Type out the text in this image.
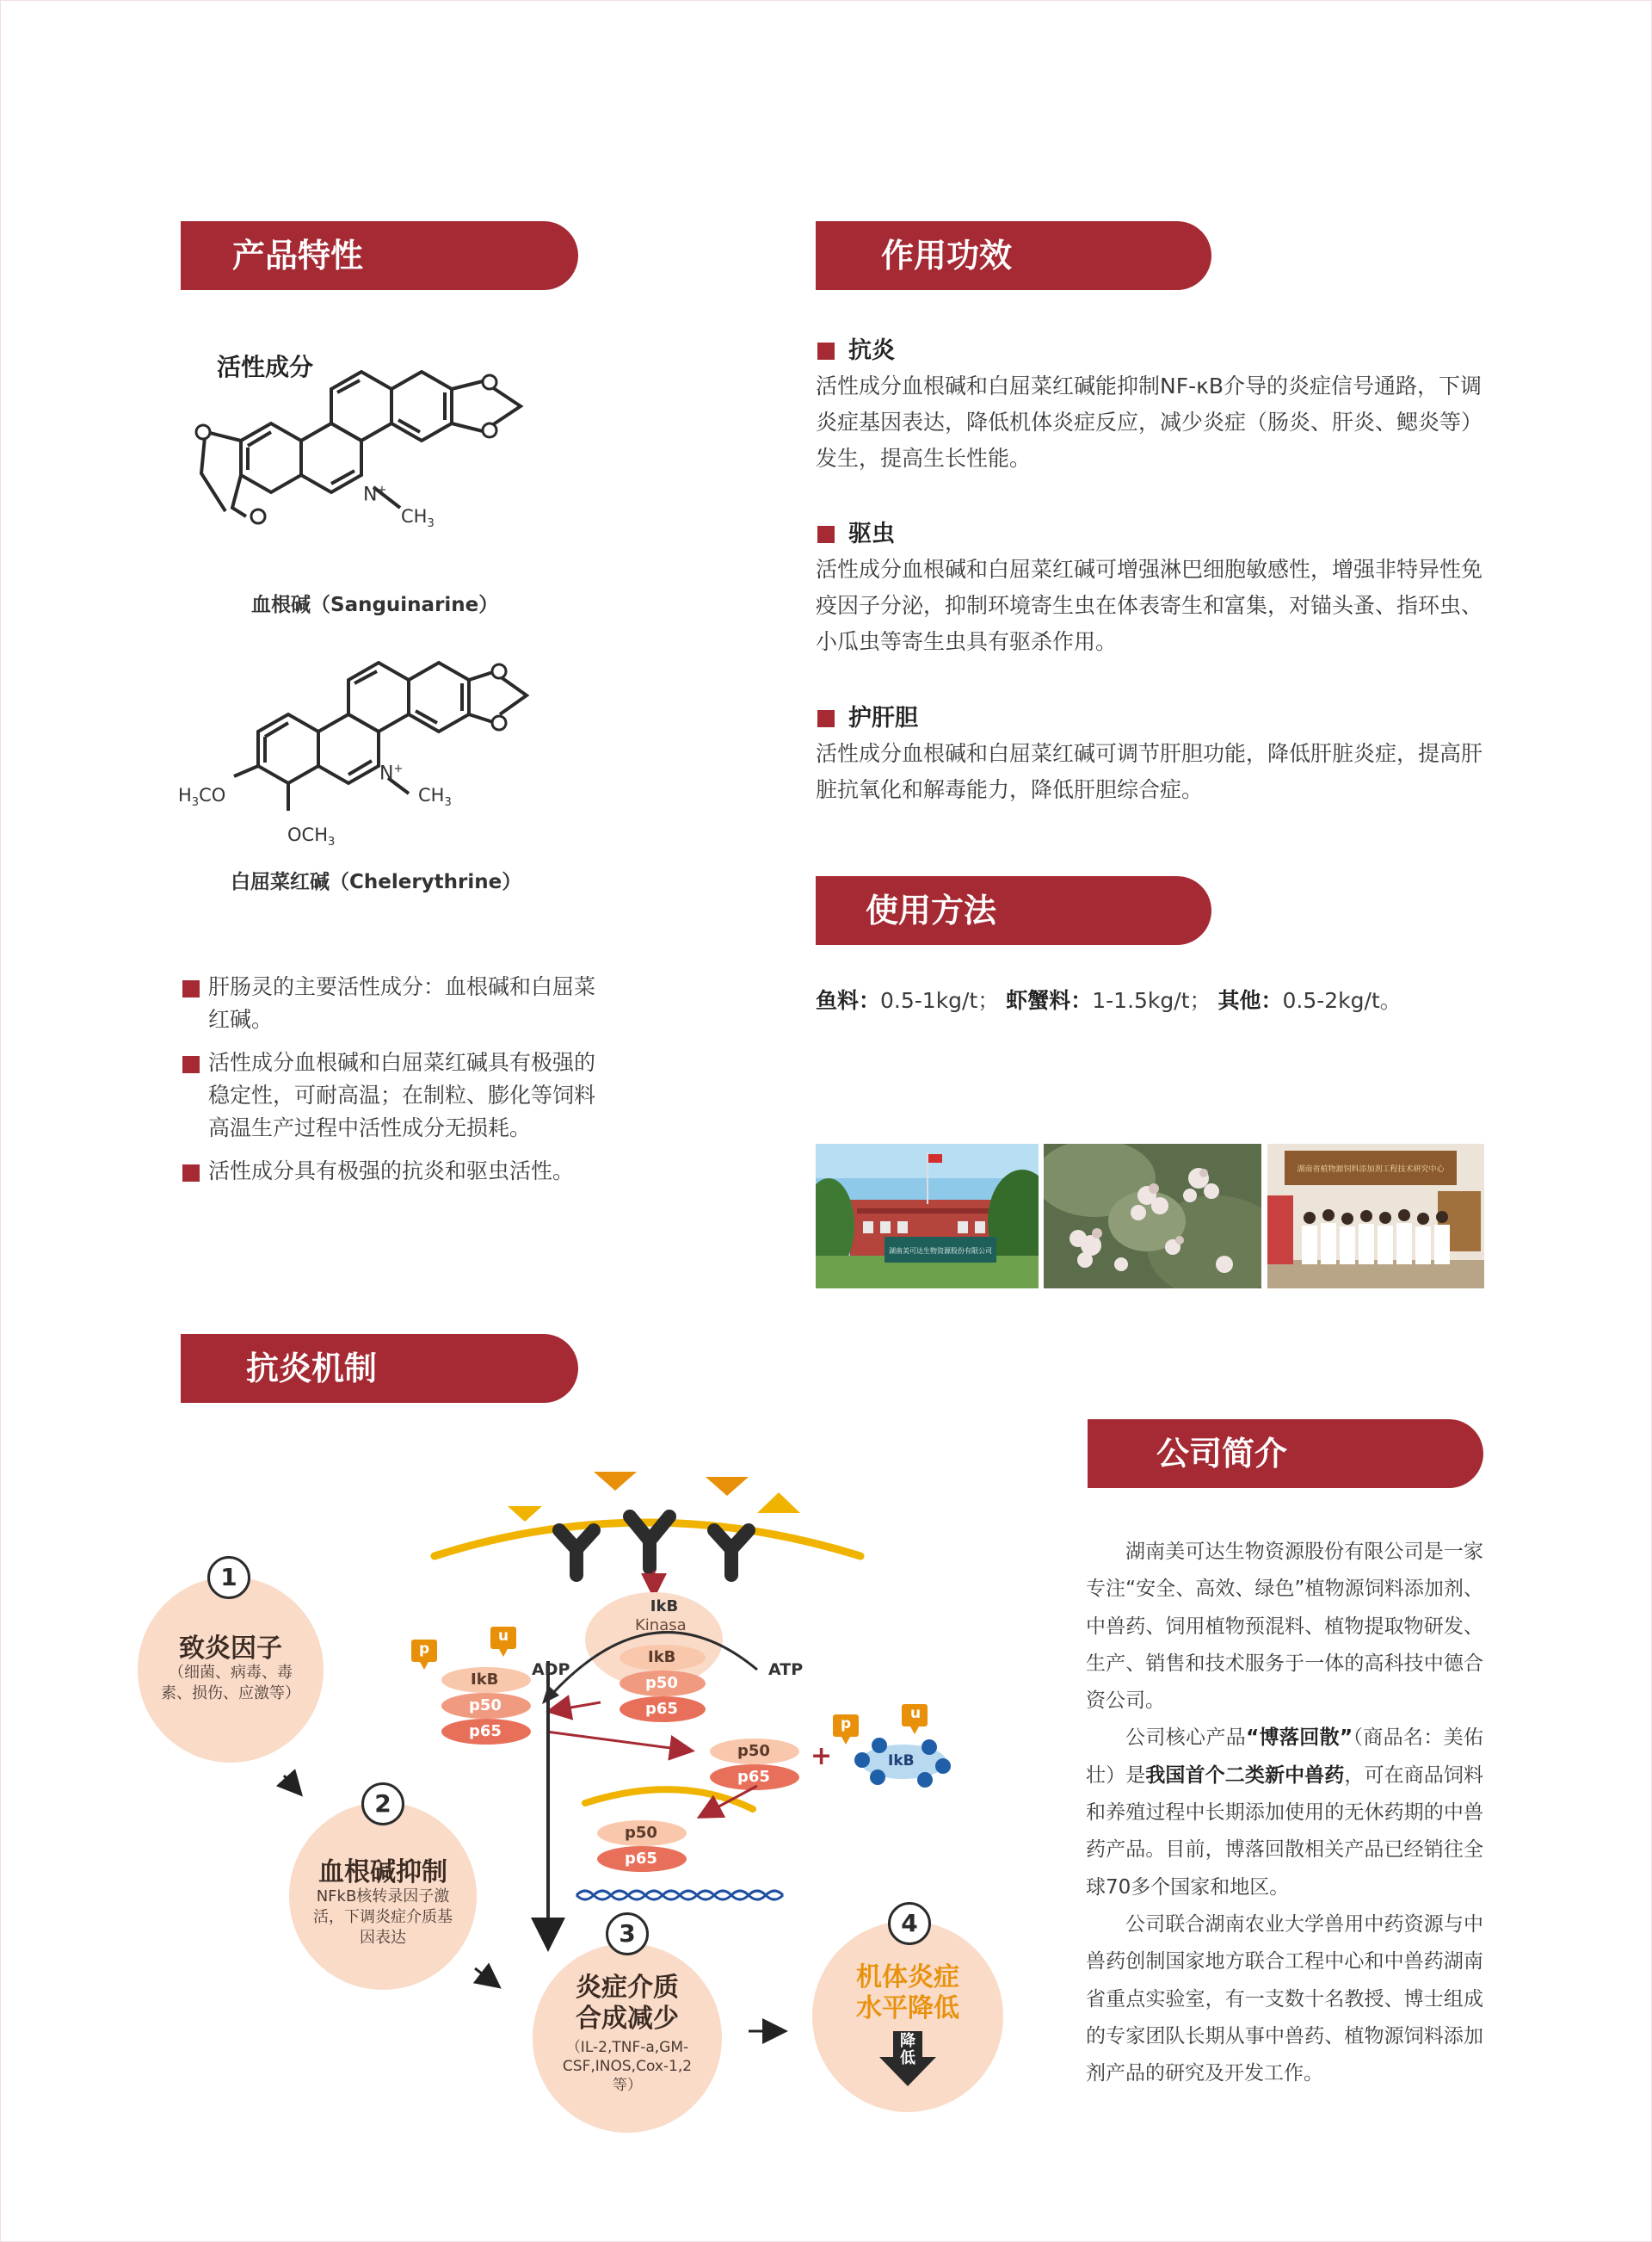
产品特性	作用功效
使用方法
抗炎机制
公司简介
活性成分
N+
$CH_3$
血根碱（Sanguinarine）
N+
$CH_3$
$H_3CO$
$OCH_3$
白屈菜红碱（Chelerythrine）
肝肠灵的主要活性成分：血根碱和白屈菜红碱。
活性成分血根碱和白屈菜红碱具有极强的稳定性，可耐高温；在制粒、膨化等饲料高温生产过程中活性成分无损耗。
活性成分具有极强的抗炎和驱虫活性。
抗炎
活性成分血根碱和白屈菜红碱能抑制NF-κB介导的炎症信号通路，下调炎症基因表达，降低机体炎症反应，减少炎症（肠炎、肝炎、鳃炎等）发生，提高生长性能。
驱虫
活性成分血根碱和白屈菜红碱可增强淋巴细胞敏感性，增强非特异性免疫因子分泌，抑制环境寄生虫在体表寄生和富集，对锚头蚤、指环虫、小瓜虫等寄生虫具有驱杀作用。
护肝胆
活性成分血根碱和白屈菜红碱可调节肝胆功能，降低肝脏炎症，提高肝脏抗氧化和解毒能力，降低肝胆综合症。
鱼料：0.5-1kg/t； 虾蟹料：1-1.5kg/t； 其他：0.5-2kg/t。
湖南美可达生物资源股份有限公司
湖南省植物源饲料添加剂工程技术研究中心
IkB
Kinasa
IkB
p50
p65
ADP	ATP
IkB
p50
p65
p
u
p50
p65
+	IkB
p
u
p50
p65
致炎因子
（细菌、病毒、毒素、损伤、应激等）
1
血根碱抑制
NFkB核转录因子激活，下调炎症介质基因表达
2
炎症介质
合成减少
（IL-2,TNF-a,GM-CSF,INOS,Cox-1,2等）
3
机体炎症
水平降低
降低
4

湖南美可达生物资源股份有限公司是一家专注“安全、高效、绿色”植物源饲料添加剂、中兽药、饲用植物预混料、植物提取物研发、生产、销售和技术服务于一体的高科技中德合资公司。

公司核心产品“博落回散”（商品名：美佑壮）是我国首个二类新中兽药，可在商品饲料和养殖过程中长期添加使用的无休药期的中兽药产品。目前，博落回散相关产品已经销往全球70多个国家和地区。

公司联合湖南农业大学兽用中药资源与中兽药创制国家地方联合工程中心和中兽药湖南省重点实验室，有一支数十名教授、博士组成的专家团队长期从事中兽药、植物源饲料添加剂产品的研究及开发工作。
